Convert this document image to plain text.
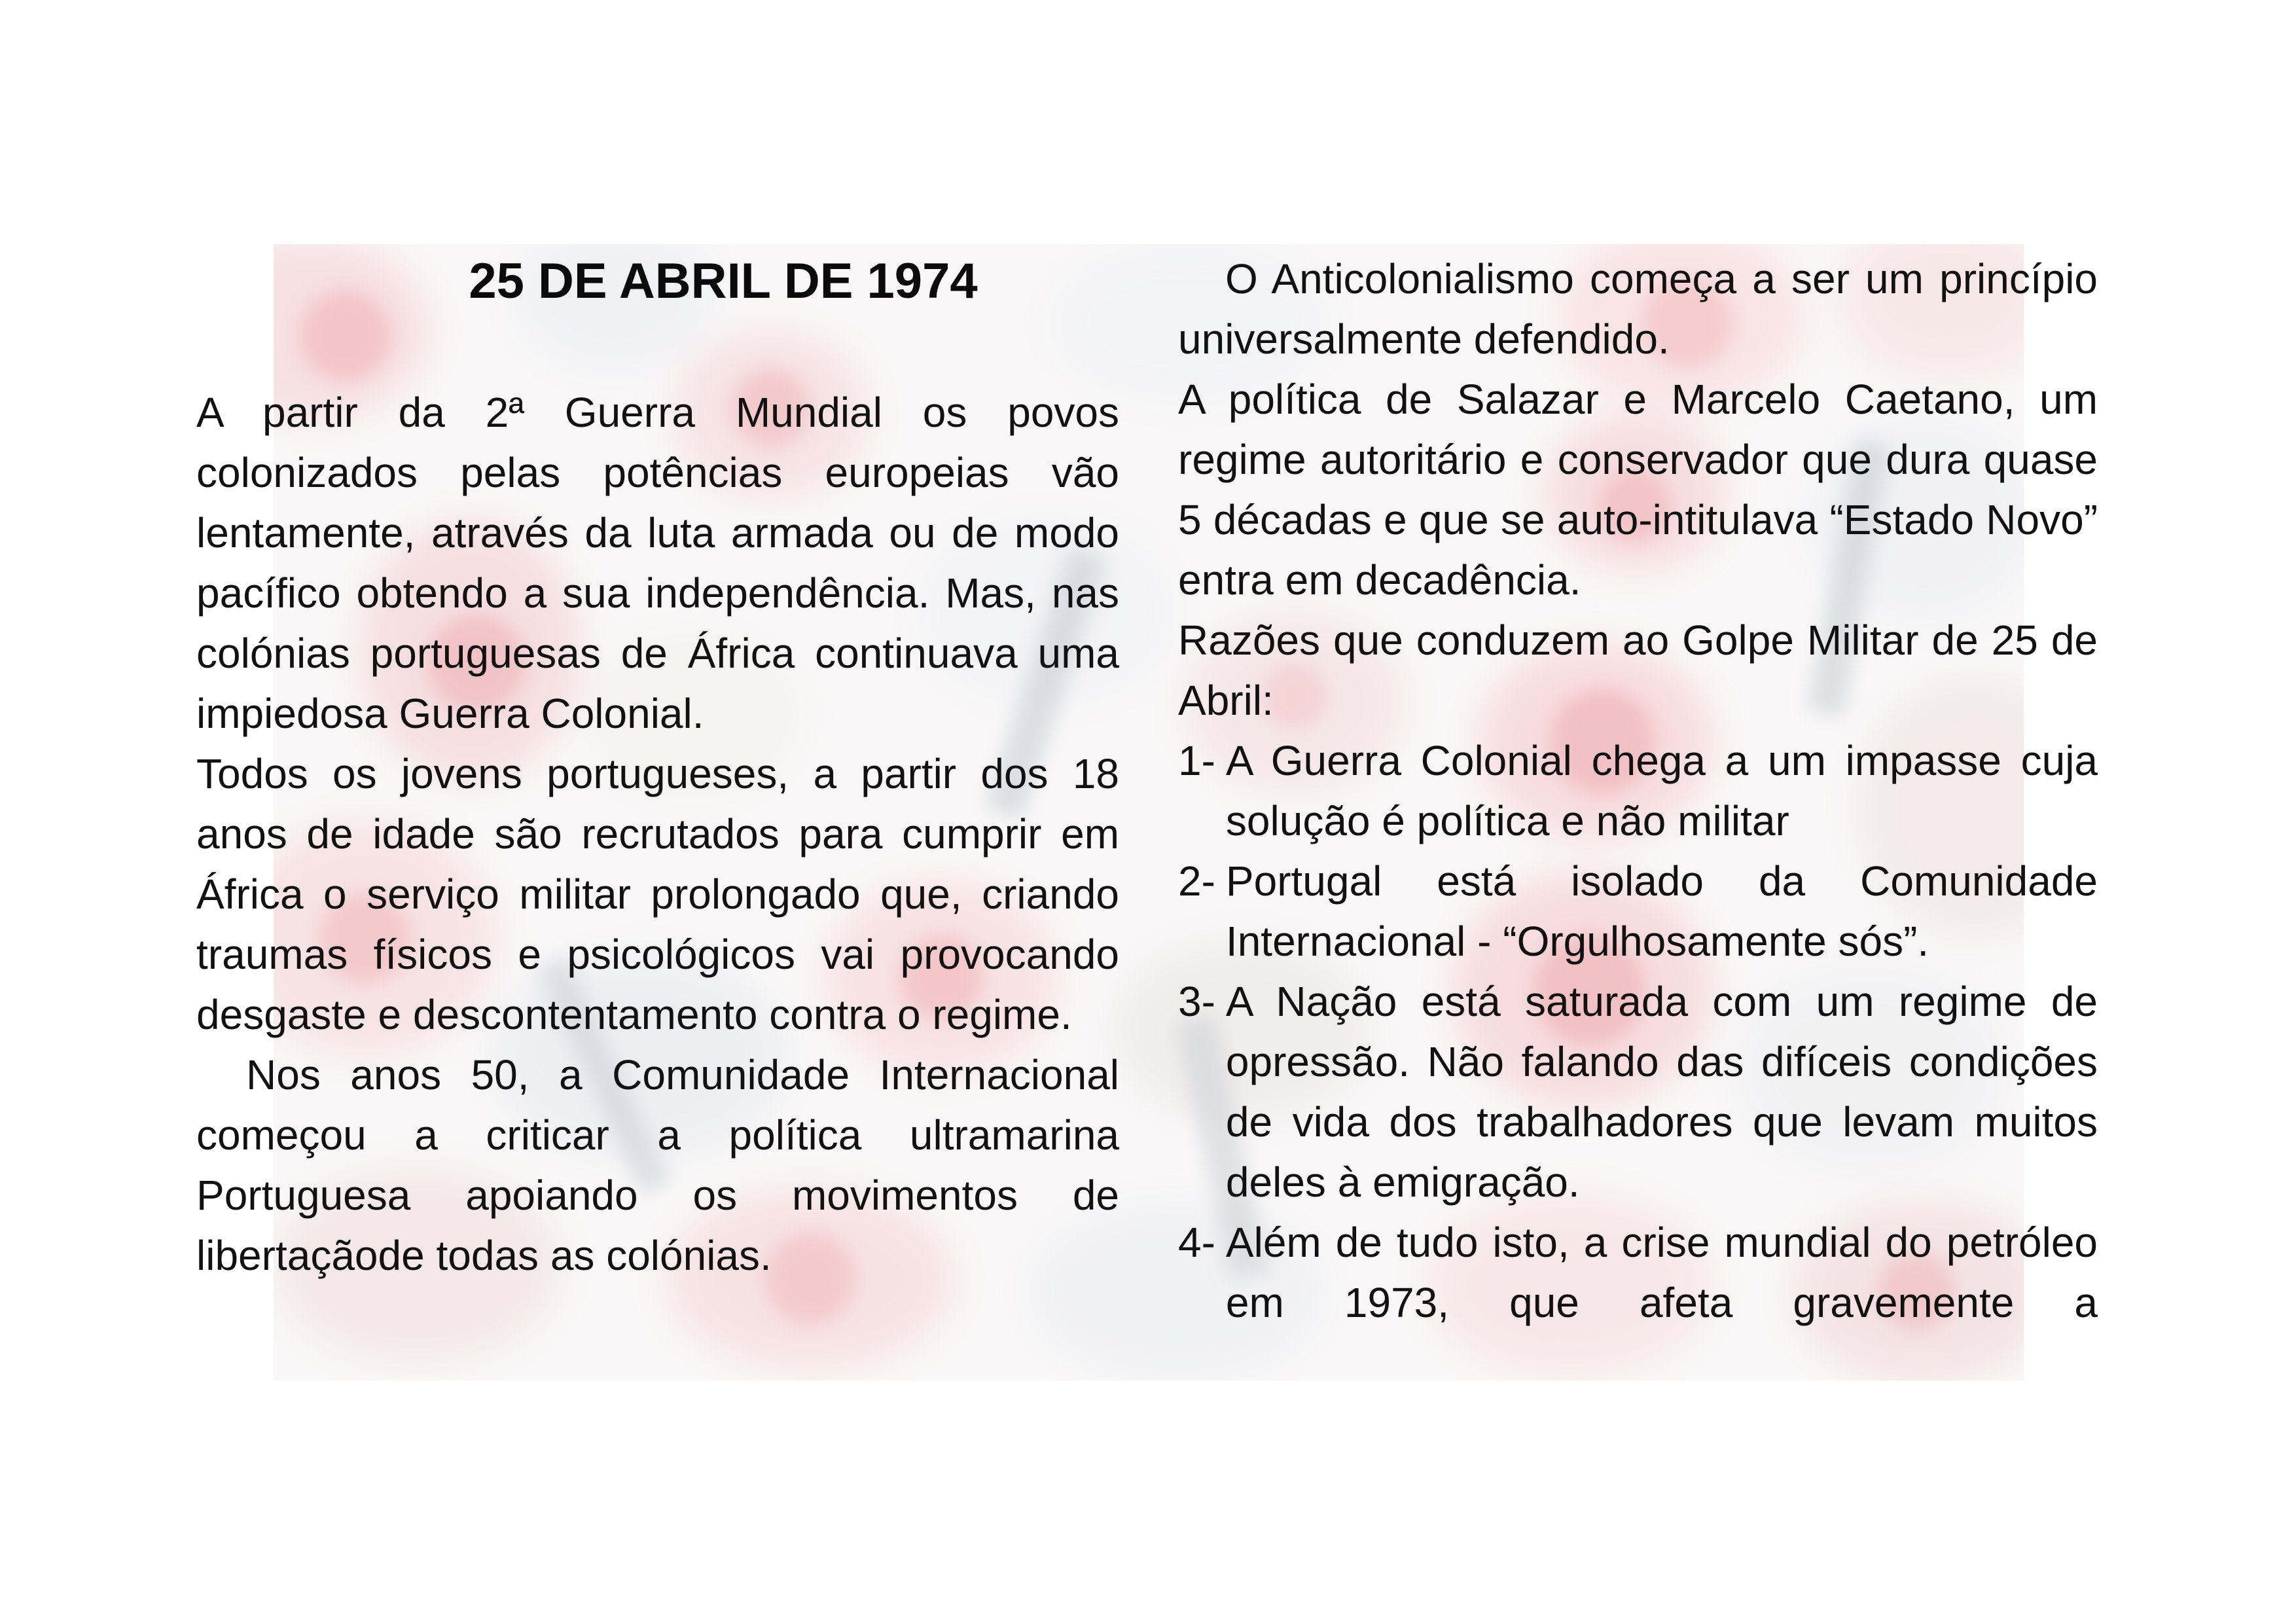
25 DE ABRIL DE 1974

A partir da 2ª Guerra Mundial os povos colonizados pelas potências europeias vão lentamente, através da luta armada ou de modo pacífico obtendo a sua independência. Mas, nas colónias portuguesas de África continuava uma impiedosa Guerra Colonial.

Todos os jovens portugueses, a partir dos 18 anos de idade são recrutados para cumprir em África o serviço militar prolongado que, criando traumas físicos e psicológicos vai provocando desgaste e descontentamento contra o regime.

Nos anos 50, a Comunidade Internacional começou a criticar a política ultramarina Portuguesa apoiando os movimentos de libertaçãode todas as colónias.

O Anticolonialismo começa a ser um princípio universalmente defendido.

A política de Salazar e Marcelo Caetano, um regime autoritário e conservador que dura quase 5 décadas e que se auto-intitulava “Estado Novo” entra em decadência.

Razões que conduzem ao Golpe Militar de 25 de Abril:

1- A Guerra Colonial chega a um impasse cuja solução é política e não militar
2- Portugal está isolado da Comunidade Internacional - “Orgulhosamente sós”.
3- A Nação está saturada com um regime de opressão. Não falando das difíceis condições de vida dos trabalhadores que levam muitos deles à emigração.
4- Além de tudo isto, a crise mundial do petróleo em 1973, que afeta gravemente a
